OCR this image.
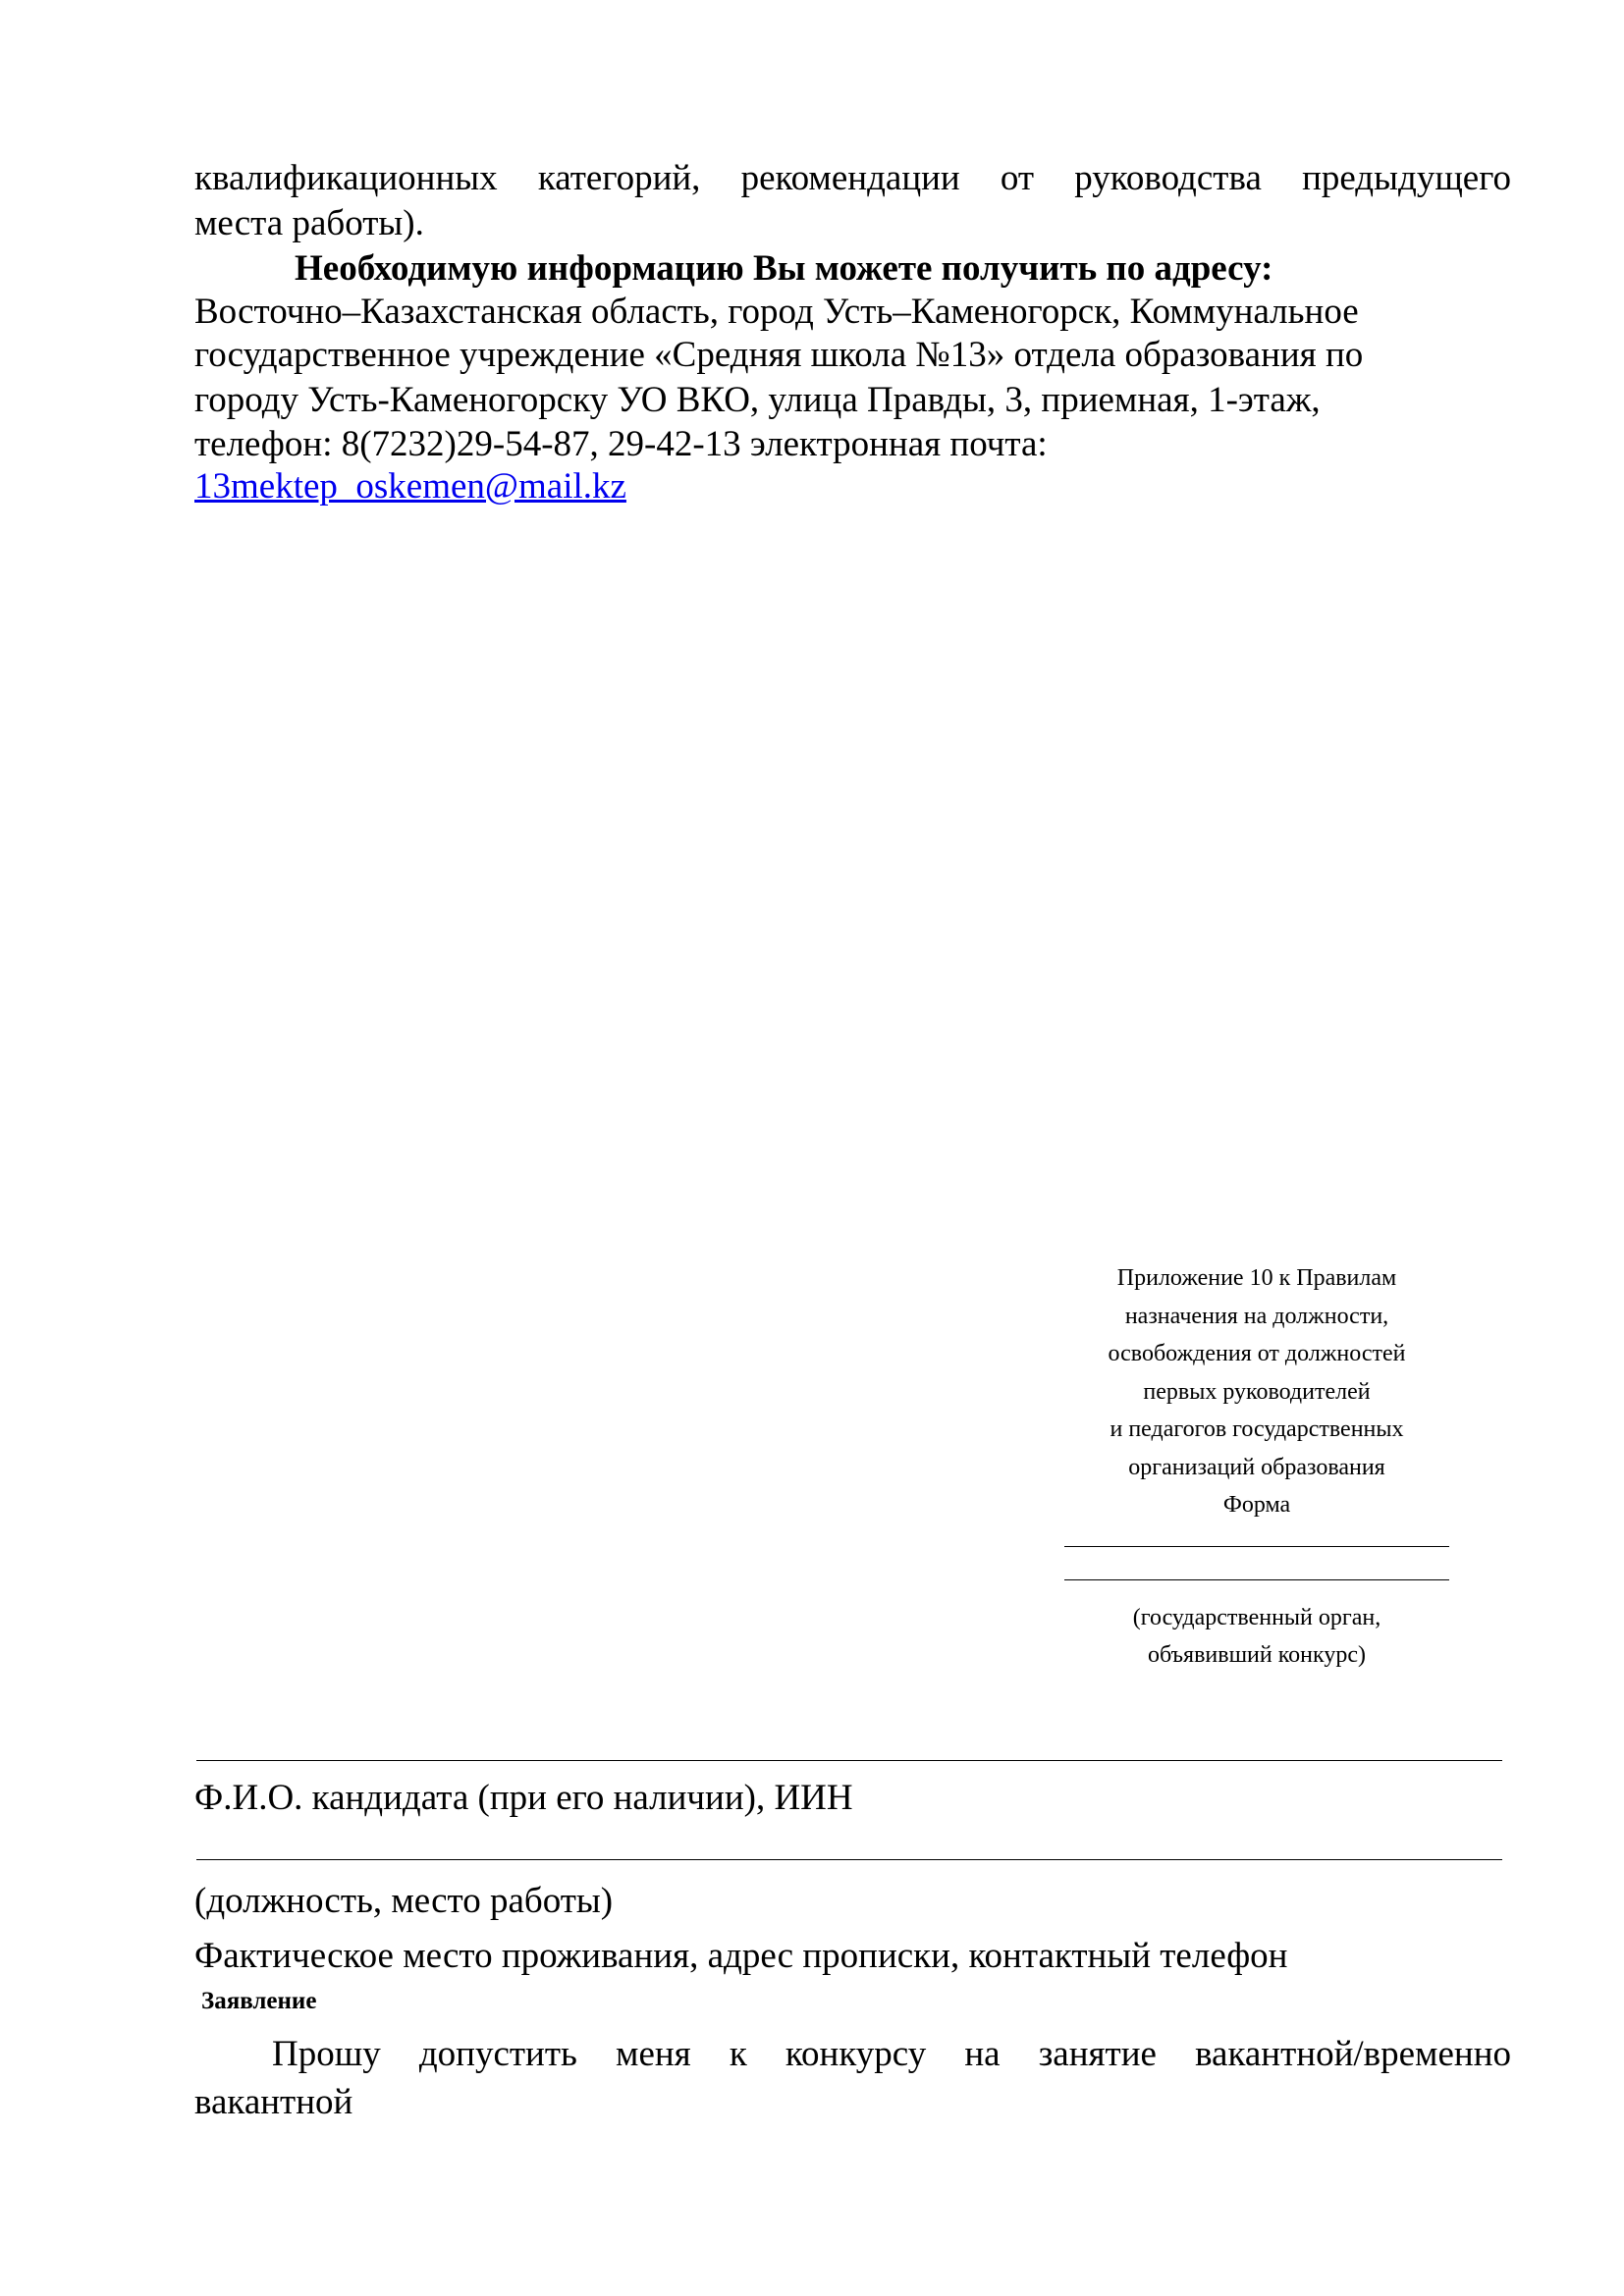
квалификационных категорий, рекомендации от руководства предыдущего

места работы).

Необходимую информацию Вы можете получить по адресу:

Восточно–Казахстанская область, город Усть–Каменогорск, Коммунальное

государственное учреждение «Средняя школа №13» отдела образования по

городу Усть-Каменогорску УО ВКО, улица Правды, 3, приемная, 1-этаж,

телефон: 8(7232)29-54-87, 29-42-13 электронная почта:

13mektep_oskemen@mail.kz
Приложение 10 к Правилам
назначения на должности,
освобождения от должностей
первых руководителей
и педагогов государственных
организаций образования
Форма
(государственный орган,
объявивший конкурс)

Ф.И.О. кандидата (при его наличии), ИИН

(должность, место работы)

Фактическое место проживания, адрес прописки, контактный телефон

Заявление

Прошу допустить меня к конкурсу на занятие вакантной/временно

вакантной
